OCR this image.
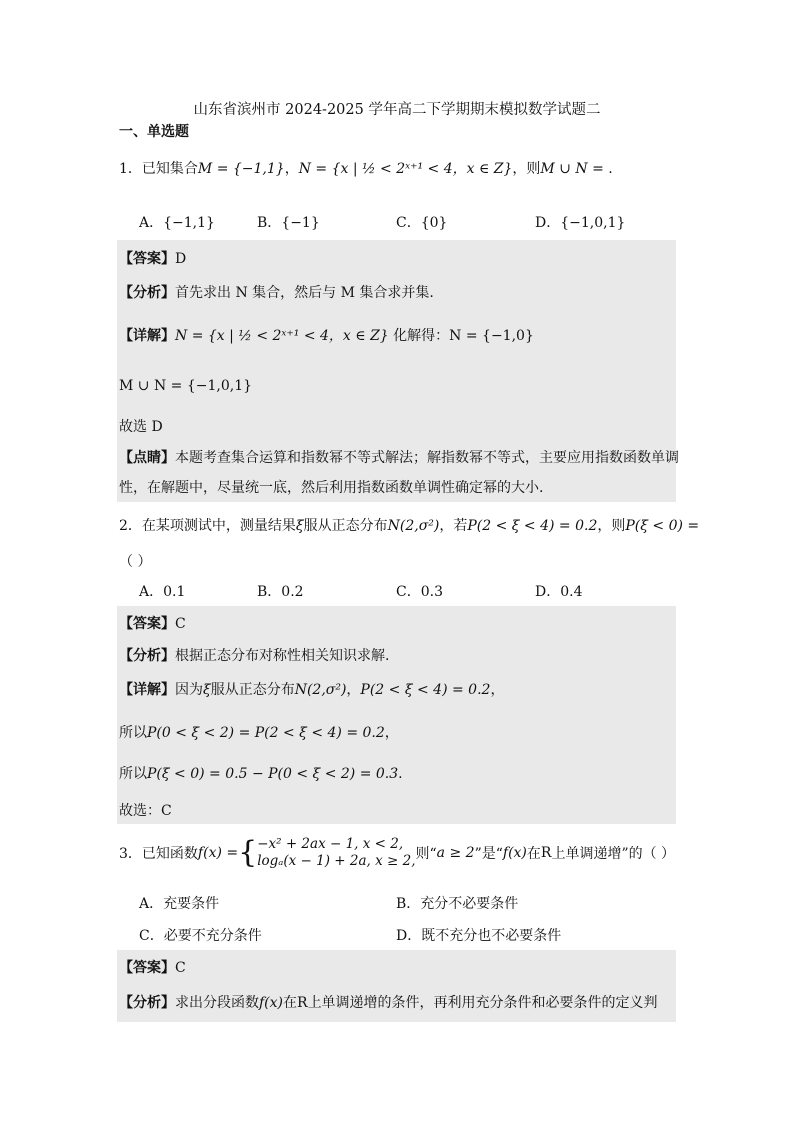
山东省滨州市 2024-2025 学年高二下学期期末模拟数学试题二
一、单选题
1．已知集合M = {−1,1}，N = {x | ½ < 2ˣ⁺¹ < 4，x ∈ Z}，则M ∪ N = .
A．{−1,1}	B．{−1}	C．{0}	D．{−1,0,1}
【答案】D
【分析】首先求出 N 集合，然后与 M 集合求并集.
【详解】N = {x | ½ < 2ˣ⁺¹ < 4，x ∈ Z} 化解得：N = {−1,0}
M ∪ N = {−1,0,1}
故选 D
【点睛】本题考查集合运算和指数幂不等式解法；解指数幂不等式，主要应用指数函数单调
性，在解题中，尽量统一底，然后利用指数函数单调性确定幂的大小.
2．在某项测试中，测量结果ξ服从正态分布N(2,σ²)，若P(2 < ξ < 4) = 0.2，则P(ξ < 0) =
（ ）
A．0.1	B．0.2	C．0.3	D．0.4
【答案】C
【分析】根据正态分布对称性相关知识求解.
【详解】因为ξ服从正态分布N(2,σ²)，P(2 < ξ < 4) = 0.2，
所以P(0 < ξ < 2) = P(2 < ξ < 4) = 0.2，
所以P(ξ < 0) = 0.5 − P(0 < ξ < 2) = 0.3.
故选：C
3．已知函数 f(x) = { −x² + 2ax − 1, x < 2,
logₐ(x − 1) + 2a, x ≥ 2, 则“ a ≥ 2 ”是“ f(x) 在 R 上单调递增”的（ ）
A．充要条件	B．充分不必要条件
C．必要不充分条件	D．既不充分也不必要条件
【答案】C
【分析】求出分段函数f(x)在R上单调递增的条件，再利用充分条件和必要条件的定义判
